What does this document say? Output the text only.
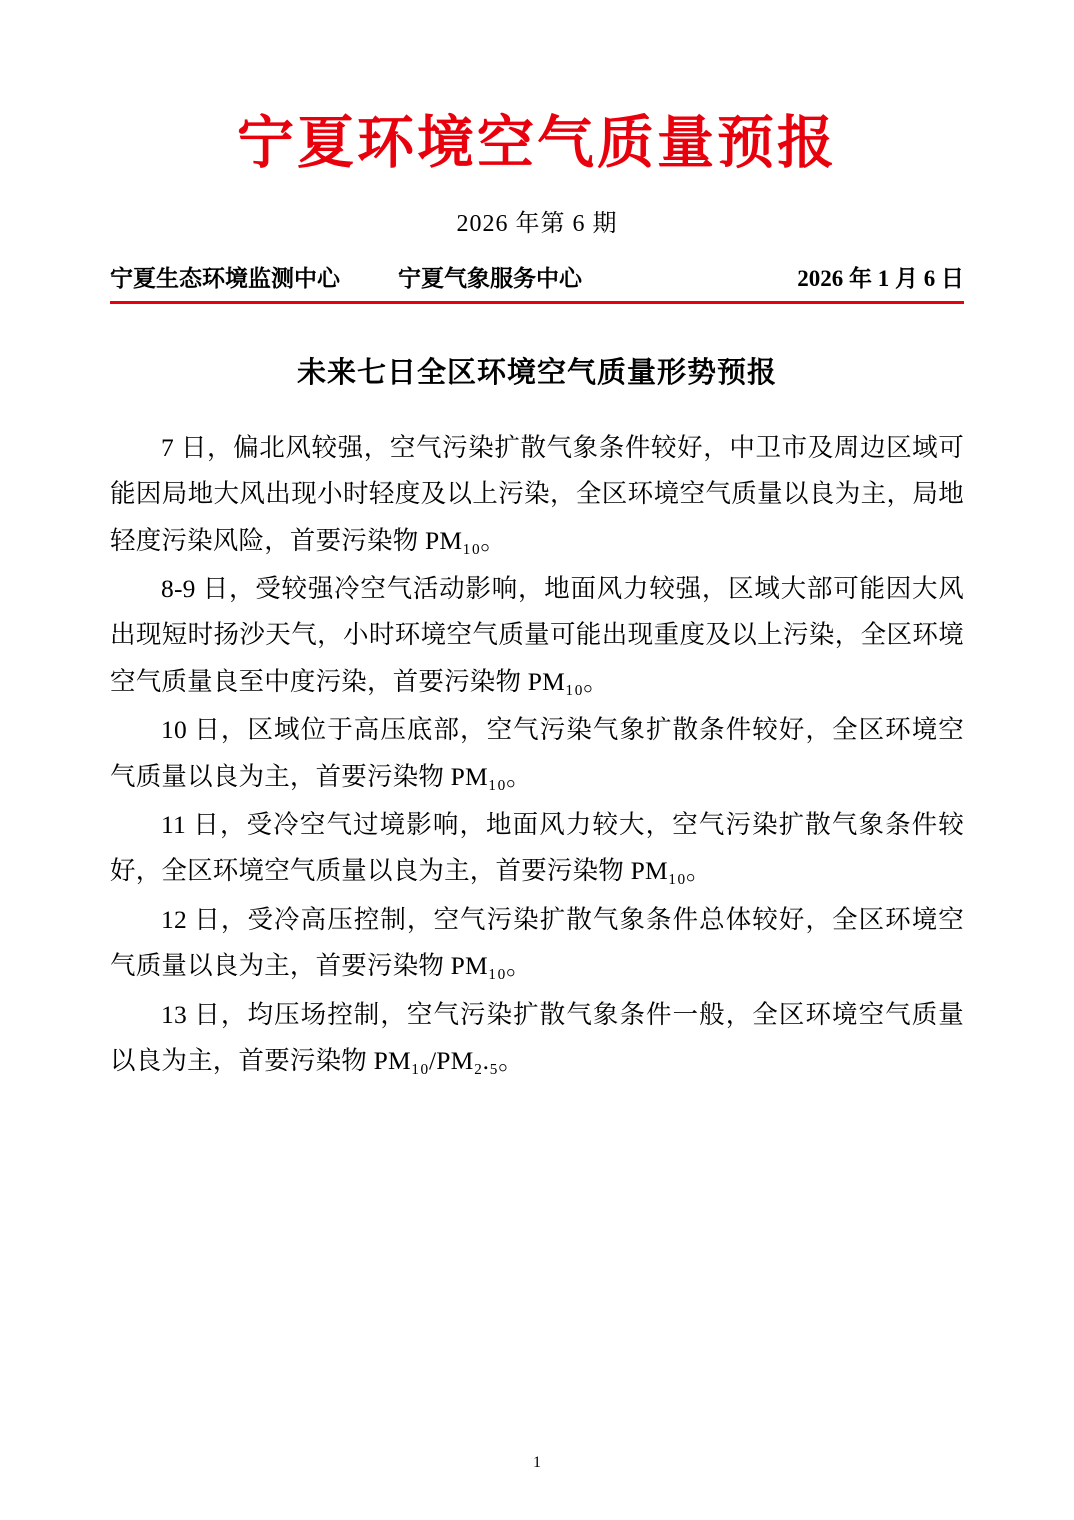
宁夏环境空气质量预报
2026 年第 6 期
宁夏生态环境监测中心	宁夏气象服务中心	2026 年 1 月 6 日
未来七日全区环境空气质量形势预报

7 日，偏北风较强，空气污染扩散气象条件较好，中卫市及周边区域可能因局地大风出现小时轻度及以上污染，全区环境空气质量以良为主，局地轻度污染风险，首要污染物 PM₁₀。

8-9 日，受较强冷空气活动影响，地面风力较强，区域大部可能因大风出现短时扬沙天气，小时环境空气质量可能出现重度及以上污染，全区环境空气质量良至中度污染，首要污染物 PM₁₀。

10 日，区域位于高压底部，空气污染气象扩散条件较好，全区环境空气质量以良为主，首要污染物 PM₁₀。

11 日，受冷空气过境影响，地面风力较大，空气污染扩散气象条件较好，全区环境空气质量以良为主，首要污染物 PM₁₀。

12 日，受冷高压控制，空气污染扩散气象条件总体较好，全区环境空气质量以良为主，首要污染物 PM₁₀。

13 日，均压场控制，空气污染扩散气象条件一般，全区环境空气质量以良为主，首要污染物 PM₁₀/PM₂.₅。

1
